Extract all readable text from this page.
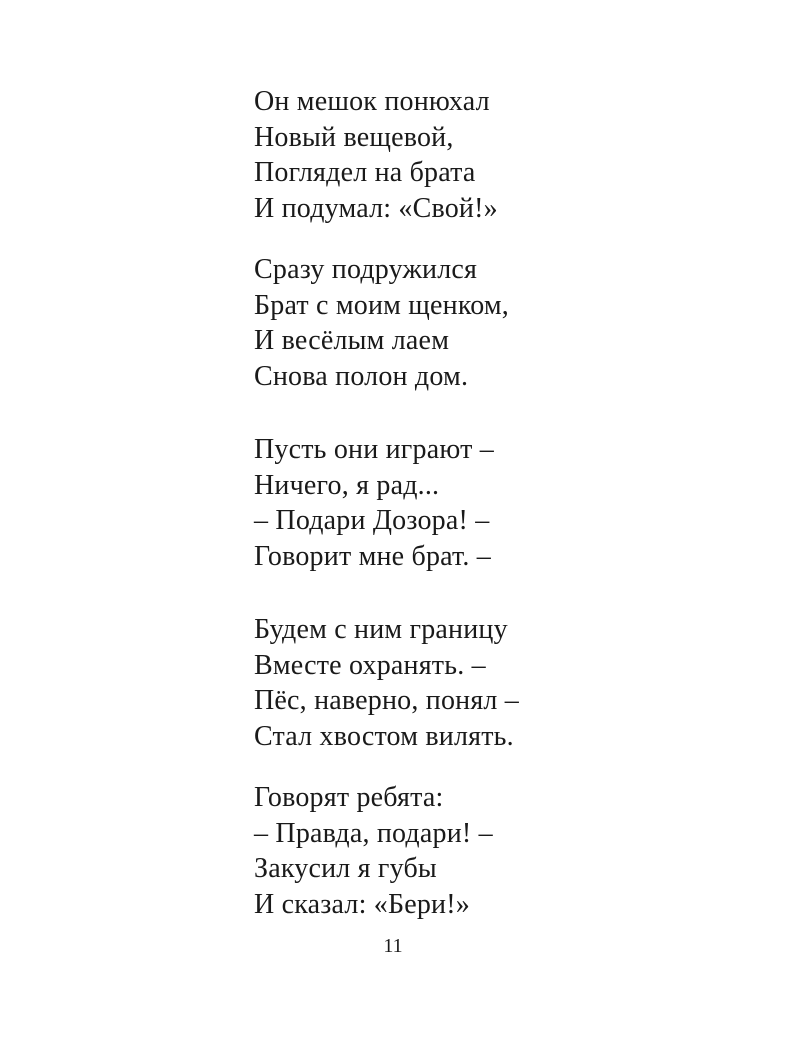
Он мешок понюхал
Новый вещевой,
Поглядел на брата
И подумал: «Свой!»
Сразу подружился
Брат с моим щенком,
И весёлым лаем
Снова полон дом.
Пусть они играют –
Ничего, я рад...
– Подари Дозора! –
Говорит мне брат. –
Будем с ним границу
Вместе охранять. –
Пёс, наверно, понял –
Стал хвостом вилять.
Говорят ребята:
– Правда, подари! –
Закусил я губы
И сказал: «Бери!»
11
